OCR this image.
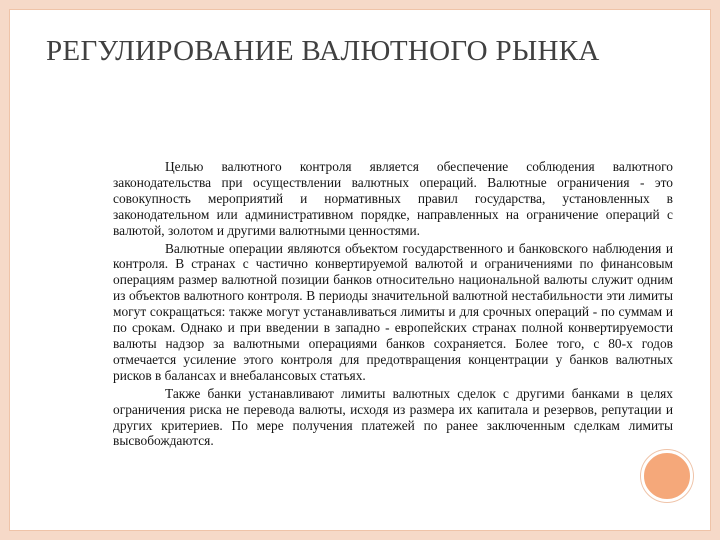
РЕГУЛИРОВАНИЕ ВАЛЮТНОГО РЫНКА

Целью валютного контроля является обеспечение соблюдения валютного законодательства при осуществлении валютных операций. Валютные ограничения - это совокупность мероприятий и нормативных правил государства, установленных в законодательном или административном порядке, направленных на ограничение операций с валютой, золотом и другими валютными ценностями.

Валютные операции являются объектом государственного и банковского наблюдения и контроля. В странах с частично конвертируемой валютой и ограничениями по финансовым операциям размер валютной позиции банков относительно национальной валюты служит одним из объектов валютного контроля. В периоды значительной валютной нестабильности эти лимиты могут сокращаться: также могут устанавливаться лимиты и для срочных операций - по суммам и по срокам. Однако и при введении в западно - европейских странах полной конвертируемости валюты надзор за валютными операциями банков сохраняется. Более того, с 80-х годов отмечается усиление этого контроля для предотвращения концентрации у банков валютных рисков в балансах и внебалансовых статьях.

Также банки устанавливают лимиты валютных сделок с другими банками в целях ограничения риска не перевода валюты, исходя из размера их капитала и резервов, репутации и других критериев. По мере получения платежей по ранее заключенным сделкам лимиты высвобождаются.
